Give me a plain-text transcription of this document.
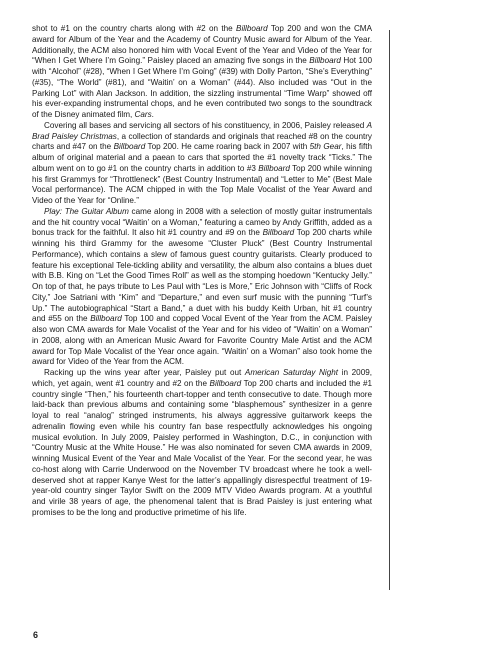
shot to #1 on the country charts along with #2 on the Billboard Top 200 and won the CMA award for Album of the Year and the Academy of Country Music award for Album of the Year. Additionally, the ACM also honored him with Vocal Event of the Year and Video of the Year for “When I Get Where I’m Going.” Paisley placed an amazing five songs in the Billboard Hot 100 with “Alcohol” (#28), “When I Get Where I’m Going” (#39) with Dolly Parton, “She’s Everything” (#35), “The World” (#81), and “Waitin’ on a Woman” (#44). Also included was “Out in the Parking Lot” with Alan Jackson. In addition, the sizzling instrumental “Time Warp” showed off his ever-expanding instrumental chops, and he even contributed two songs to the soundtrack of the Disney animated film, Cars.

Covering all bases and servicing all sectors of his constituency, in 2006, Paisley released A Brad Paisley Christmas, a collection of standards and originals that reached #8 on the country charts and #47 on the Billboard Top 200. He came roaring back in 2007 with 5th Gear, his fifth album of original material and a paean to cars that sported the #1 novelty track “Ticks.” The album went on to go #1 on the country charts in addition to #3 Billboard Top 200 while winning his first Grammys for “Throttleneck” (Best Country Instrumental) and “Letter to Me” (Best Male Vocal performance). The ACM chipped in with the Top Male Vocalist of the Year Award and Video of the Year for “Online.”

Play: The Guitar Album came along in 2008 with a selection of mostly guitar instrumentals and the hit country vocal “Waitin’ on a Woman,” featuring a cameo by Andy Griffith, added as a bonus track for the faithful. It also hit #1 country and #9 on the Billboard Top 200 charts while winning his third Grammy for the awesome “Cluster Pluck” (Best Country Instrumental Performance), which contains a slew of famous guest country guitarists. Clearly produced to feature his exceptional Tele-tickling ability and versatility, the album also contains a blues duet with B.B. King on “Let the Good Times Roll” as well as the stomping hoedown “Kentucky Jelly.” On top of that, he pays tribute to Les Paul with “Les is More,” Eric Johnson with “Cliffs of Rock City,” Joe Satriani with “Kim” and “Departure,” and even surf music with the punning “Turf’s Up.” The autobiographical “Start a Band,” a duet with his buddy Keith Urban, hit #1 country and #55 on the Billboard Top 100 and copped Vocal Event of the Year from the ACM. Paisley also won CMA awards for Male Vocalist of the Year and for his video of “Waitin’ on a Woman” in 2008, along with an American Music Award for Favorite Country Male Artist and the ACM award for Top Male Vocalist of the Year once again. “Waitin’ on a Woman” also took home the award for Video of the Year from the ACM.

Racking up the wins year after year, Paisley put out American Saturday Night in 2009, which, yet again, went #1 country and #2 on the Billboard Top 200 charts and included the #1 country single “Then,” his fourteenth chart-topper and tenth consecutive to date. Though more laid-back than previous albums and containing some “blasphemous” synthesizer in a genre loyal to real “analog” stringed instruments, his always aggressive guitarwork keeps the adrenalin flowing even while his country fan base respectfully acknowledges his ongoing musical evolution. In July 2009, Paisley performed in Washington, D.C., in conjunction with “Country Music at the White House.” He was also nominated for seven CMA awards in 2009, winning Musical Event of the Year and Male Vocalist of the Year. For the second year, he was co-host along with Carrie Underwood on the November TV broadcast where he took a well-deserved shot at rapper Kanye West for the latter’s appallingly disrespectful treatment of 19-year-old country singer Taylor Swift on the 2009 MTV Video Awards program. At a youthful and virile 38 years of age, the phenomenal talent that is Brad Paisley is just entering what promises to be the long and productive primetime of his life.

6
